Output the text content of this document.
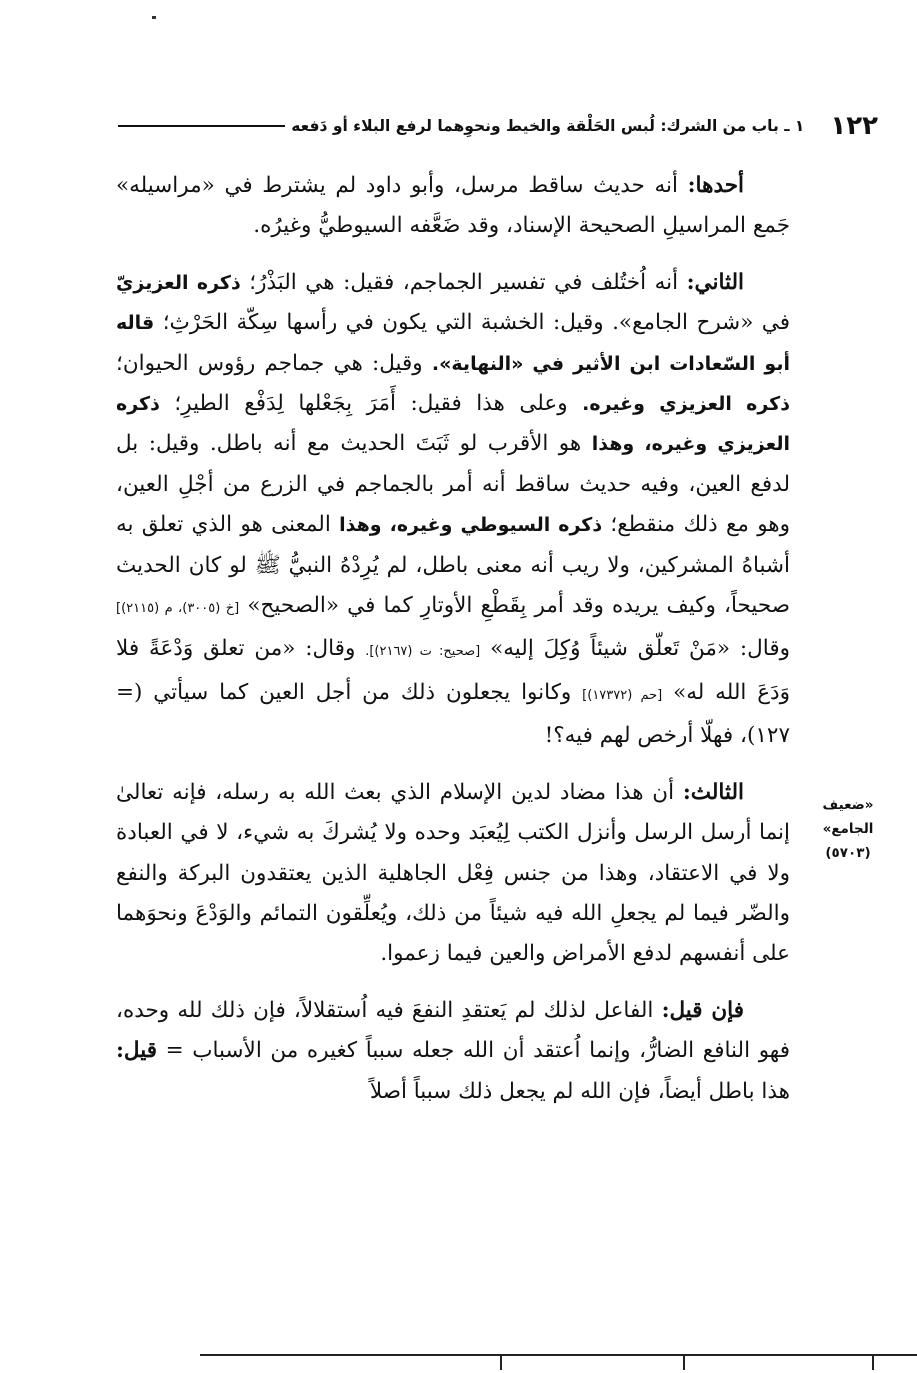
١٢٢
١ ـ باب من الشرك: لُبس الحَلْقة والخيط ونحوِهما لرفع البلاء أو دَفعه

أحدها: أنه حديث ساقط مرسل، وأبو داود لم يشترط في «مراسيله» جَمع المراسيلِ الصحيحة الإسناد، وقد ضَعَّفه السيوطيُّ وغيرُه.

الثاني: أنه اُختُلف في تفسير الجماجم، فقيل: هي البَذْرُ؛ ذكره العزيزيّ في «شرح الجامع». وقيل: الخشبة التي يكون في رأسها سِكّة الحَرْثِ؛ قاله أبو السّعادات ابن الأثير في «النهاية». وقيل: هي جماجم رؤوس الحيوان؛ ذكره العزيزي وغيره. وعلى هذا فقيل: أَمَرَ بِجَعْلها لِدَفْع الطيرِ؛ ذكره العزيزي وغيره، وهذا هو الأقرب لو ثَبَتَ الحديث مع أنه باطل. وقيل: بل لدفع العين، وفيه حديث ساقط أنه أمر بالجماجم في الزرع من أجْلِ العين، وهو مع ذلك منقطع؛ ذكره السيوطي وغيره، وهذا المعنى هو الذي تعلق به أشباهُ المشركين، ولا ريب أنه معنى باطل، لم يُرِدْهُ النبيُّ ﷺ لو كان الحديث صحيحاً، وكيف يريده وقد أمر بِقَطْعِ الأوتارِ كما في «الصحيح» [خ (٣٠٠٥)، م (٢١١٥)] وقال: «مَنْ تَعلّق شيئاً وُكِلَ إليه» [صحيح: ت (٢١٦٧)]. وقال: «من تعلق وَدْعَةً فلا وَدَعَ الله له» [حم (١٧٣٧٢)] وكانوا يجعلون ذلك من أجل العين كما سيأتي (= ١٢٧)، فهلّا أرخص لهم فيه؟!

الثالث: أن هذا مضاد لدين الإسلام الذي بعث الله به رسله، فإنه تعالىٰ إنما أرسل الرسل وأنزل الكتب لِيُعبَد وحده ولا يُشركَ به شيء، لا في العبادة ولا في الاعتقاد، وهذا من جنس فِعْل الجاهلية الذين يعتقدون البركة والنفع والضّر فيما لم يجعلِ الله فيه شيئاً من ذلك، ويُعلِّقون التمائم والوَدْعَ ونحوَهما على أنفسهم لدفع الأمراض والعين فيما زعموا.

فإن قيل: الفاعل لذلك لم يَعتقدِ النفعَ فيه اُستقلالاً، فإن ذلك لله وحده، فهو النافع الضارُّ، وإنما اُعتقد أن الله جعله سبباً كغيره من الأسباب = قيل: هذا باطل أيضاً، فإن الله لم يجعل ذلك سبباً أصلاً

«ضعيف
الجامع»
(٥٧٠٣)
